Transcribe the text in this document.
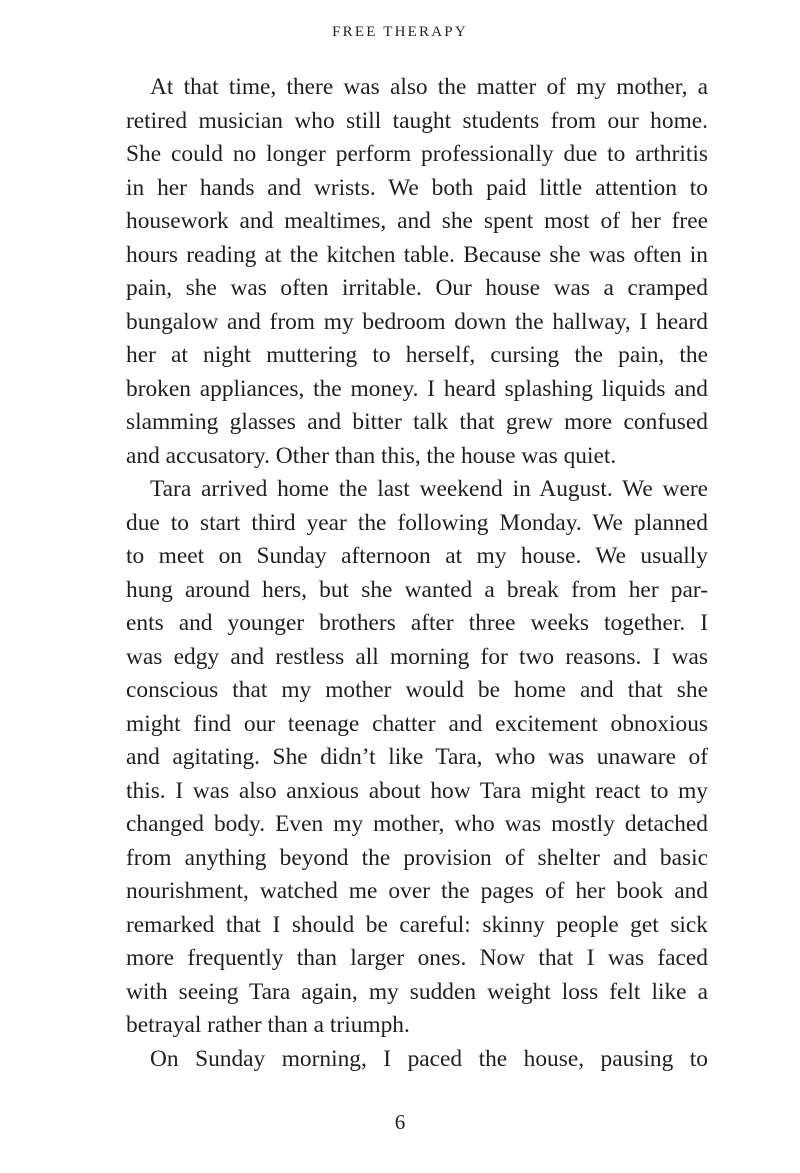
FREE THERAPY
At that time, there was also the matter of my mother, a
retired musician who still taught students from our home.
She could no longer perform professionally due to arthritis
in her hands and wrists. We both paid little attention to
housework and mealtimes, and she spent most of her free
hours reading at the kitchen table. Because she was often in
pain, she was often irritable. Our house was a cramped
bungalow and from my bedroom down the hallway, I heard
her at night muttering to herself, cursing the pain, the
broken appliances, the money. I heard splashing liquids and
slamming glasses and bitter talk that grew more confused
and accusatory. Other than this, the house was quiet.
Tara arrived home the last weekend in August. We were
due to start third year the following Monday. We planned
to meet on Sunday afternoon at my house. We usually
hung around hers, but she wanted a break from her par-
ents and younger brothers after three weeks together. I
was edgy and restless all morning for two reasons. I was
conscious that my mother would be home and that she
might find our teenage chatter and excitement obnoxious
and agitating. She didn’t like Tara, who was unaware of
this. I was also anxious about how Tara might react to my
changed body. Even my mother, who was mostly detached
from anything beyond the provision of shelter and basic
nourishment, watched me over the pages of her book and
remarked that I should be careful: skinny people get sick
more frequently than larger ones. Now that I was faced
with seeing Tara again, my sudden weight loss felt like a
betrayal rather than a triumph.
On Sunday morning, I paced the house, pausing to
6
